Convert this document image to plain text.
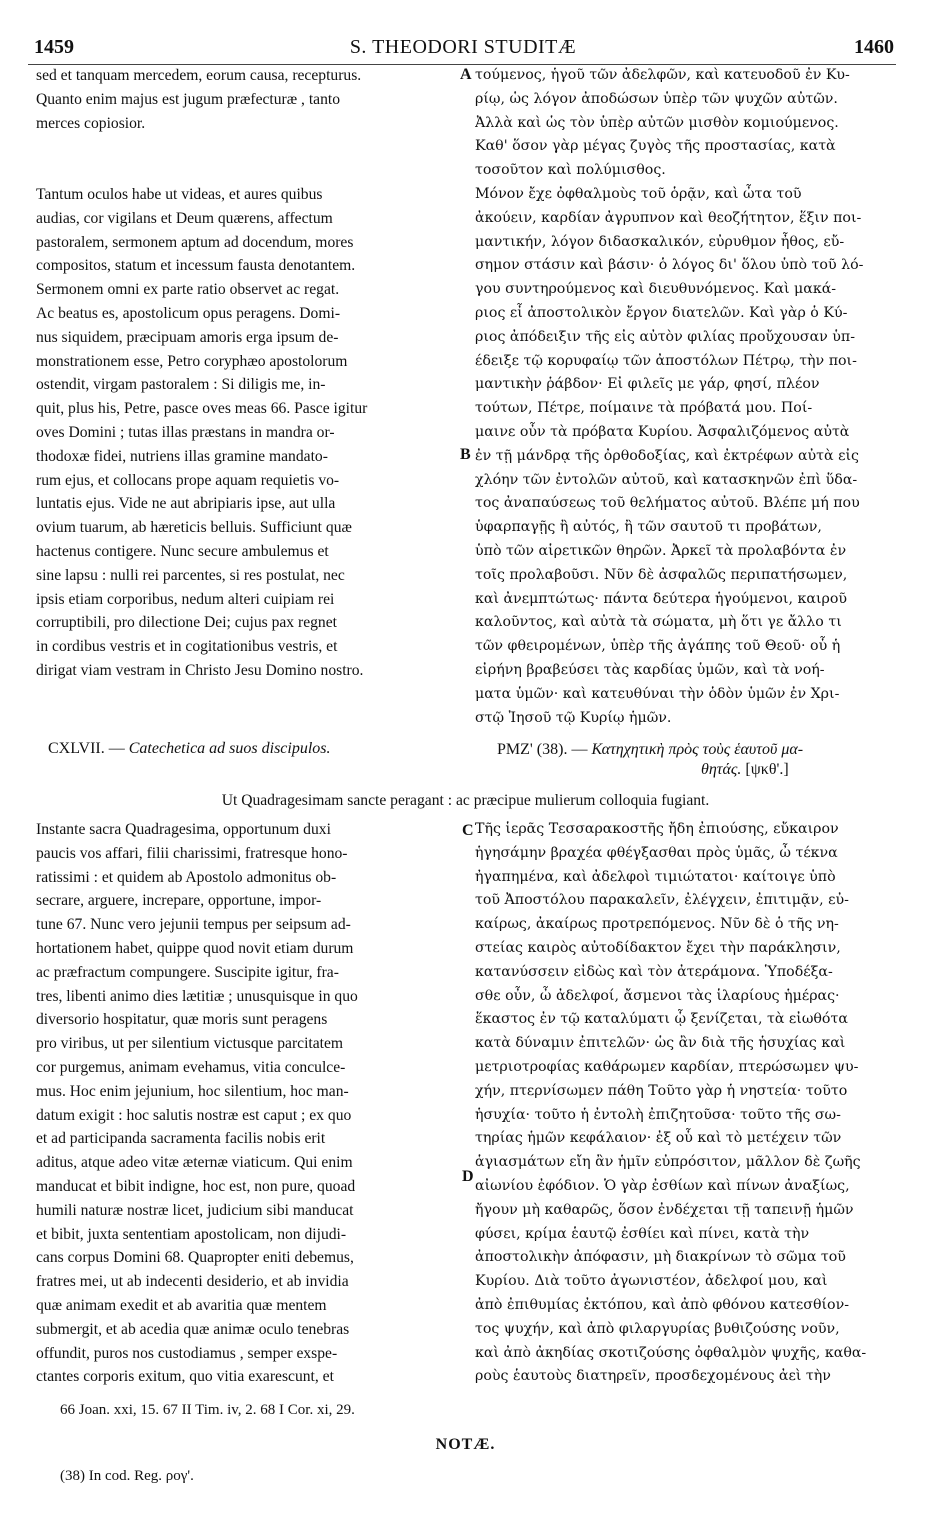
1459	S. THEODORI STUDITÆ	1460
A
B
C
D
sed et tanquam mercedem, eorum causa, recepturus.
Quanto enim majus est jugum præfecturæ , tanto
merces copiosior.

Tantum oculos habe ut videas, et aures quibus
audias, cor vigilans et Deum quærens, affectum
pastoralem, sermonem aptum ad docendum, mores
compositos, statum et incessum fausta denotantem.
Sermonem omni ex parte ratio observet ac regat.
Ac beatus es, apostolicum opus peragens. Domi-
nus siquidem, præcipuam amoris erga ipsum de-
monstrationem esse, Petro coryphæo apostolorum
ostendit, virgam pastoralem : Si diligis me, in-
quit, plus his, Petre, pasce oves meas 66. Pasce igitur
oves Domini ; tutas illas præstans in mandra or-
thodoxæ fidei, nutriens illas gramine mandato-
rum ejus, et collocans prope aquam requietis vo-
luntatis ejus. Vide ne aut abripiaris ipse, aut ulla
ovium tuarum, ab hæreticis belluis. Sufficiunt quæ
hactenus contigere. Nunc secure ambulemus et
sine lapsu : nulli rei parcentes, si res postulat, nec
ipsis etiam corporibus, nedum alteri cuipiam rei
corruptibili, pro dilectione Dei; cujus pax regnet
in cordibus vestris et in cogitationibus vestris, et
dirigat viam vestram in Christo Jesu Domino nostro.
τούμενος, ἡγοῦ τῶν ἀδελφῶν, καὶ κατευοδοῦ ἐν Κυ-
ρίῳ, ὡς λόγον ἀποδώσων ὑπὲρ τῶν ψυχῶν αὐτῶν.
Ἀλλὰ καὶ ὡς τὸν ὑπὲρ αὐτῶν μισθὸν κομιούμενος.
Καθ' ὅσον γὰρ μέγας ζυγὸς τῆς προστασίας, κατὰ
τοσοῦτον καὶ πολύμισθος.
Μόνον ἔχε ὀφθαλμοὺς τοῦ ὁρᾷν, καὶ ὦτα τοῦ
ἀκούειν, καρδίαν ἀγρυπνον καὶ θεοζήτητον, ἕξιν ποι-
μαντικήν, λόγον διδασκαλικόν, εὐρυθμον ἦθος, εὔ-
σημον στάσιν καὶ βάσιν· ὁ λόγος δι' ὅλου ὑπὸ τοῦ λό-
γου συντηρούμενος καὶ διευθυνόμενος. Καὶ μακά-
ριος εἶ ἀποστολικὸν ἔργον διατελῶν. Καὶ γὰρ ὁ Κύ-
ριος ἀπόδειξιν τῆς εἰς αὐτὸν φιλίας προὔχουσαν ὑπ-
έδειξε τῷ κορυφαίῳ τῶν ἀποστόλων Πέτρῳ, τὴν ποι-
μαντικὴν ῥάβδον· Εἰ φιλεῖς με γάρ, φησί, πλέον
τούτων, Πέτρε, ποίμαινε τὰ πρόβατά μου. Ποί-
μαινε οὖν τὰ πρόβατα Κυρίου. Ἀσφαλιζόμενος αὐτὰ
ἐν τῇ μάνδρᾳ τῆς ὀρθοδοξίας, καὶ ἐκτρέφων αὐτὰ εἰς
χλόην τῶν ἐντολῶν αὐτοῦ, καὶ κατασκηνῶν ἐπὶ ὕδα-
τος ἀναπαύσεως τοῦ θελήματος αὐτοῦ. Βλέπε μή που
ὑφαρπαγῇς ἢ αὐτός, ἢ τῶν σαυτοῦ τι προβάτων,
ὑπὸ τῶν αἱρετικῶν θηρῶν. Ἀρκεῖ τὰ προλαβόντα ἐν
τοῖς προλαβοῦσι. Νῦν δὲ ἀσφαλῶς περιπατήσωμεν,
καὶ ἀνεμπτώτως· πάντα δεύτερα ἡγούμενοι, καιροῦ
καλοῦντος, καὶ αὐτὰ τὰ σώματα, μὴ ὅτι γε ἄλλο τι
τῶν φθειρομένων, ὑπὲρ τῆς ἀγάπης τοῦ Θεοῦ· οὗ ἡ
εἰρήνη βραβεύσει τὰς καρδίας ὑμῶν, καὶ τὰ νοή-
ματα ὑμῶν· καὶ κατευθύναι τὴν ὁδὸν ὑμῶν ἐν Χρι-
στῷ Ἰησοῦ τῷ Κυρίῳ ἡμῶν.
CXLVII. — Catechetica ad suos discipulos.	ΡΜΖ' (38). — Κατηχητικὴ πρὸς τοὺς ἑαυτοῦ μα-
θητάς. [ψκθ'.]
Ut Quadragesimam sancte peragant : ac præcipue mulierum colloquia fugiant.
Instante sacra Quadragesima, opportunum duxi
paucis vos affari, filii charissimi, fratresque hono-
ratissimi : et quidem ab Apostolo admonitus ob-
secrare, arguere, increpare, opportune, impor-
tune 67. Nunc vero jejunii tempus per seipsum ad-
hortationem habet, quippe quod novit etiam durum
ac præfractum compungere. Suscipite igitur, fra-
tres, libenti animo dies lætitiæ ; unusquisque in quo
diversorio hospitatur, quæ moris sunt peragens
pro viribus, ut per silentium victusque parcitatem
cor purgemus, animam evehamus, vitia conculce-
mus. Hoc enim jejunium, hoc silentium, hoc man-
datum exigit : hoc salutis nostræ est caput ; ex quo
et ad participanda sacramenta facilis nobis erit
aditus, atque adeo vitæ æternæ viaticum. Qui enim
manducat et bibit indigne, hoc est, non pure, quoad
humili naturæ nostræ licet, judicium sibi manducat
et bibit, juxta sententiam apostolicam, non dijudi-
cans corpus Domini 68. Quapropter eniti debemus,
fratres mei, ut ab indecenti desiderio, et ab invidia
quæ animam exedit et ab avaritia quæ mentem
submergit, et ab acedia quæ animæ oculo tenebras
offundit, puros nos custodiamus , semper exspe-
ctantes corporis exitum, quo vitia exarescunt, et
Τῆς ἱερᾶς Τεσσαρακοστῆς ἤδη ἐπιούσης, εὔκαιρον
ἡγησάμην βραχέα φθέγξασθαι πρὸς ὑμᾶς, ὦ τέκνα
ἠγαπημένα, καὶ ἀδελφοὶ τιμιώτατοι· καίτοιγε ὑπὸ
τοῦ Ἀποστόλου παρακαλεῖν, ἐλέγχειν, ἐπιτιμᾷν, εὐ-
καίρως, ἀκαίρως προτρεπόμενος. Νῦν δὲ ὁ τῆς νη-
στείας καιρὸς αὐτοδίδακτον ἔχει τὴν παράκλησιν,
κατανύσσειν εἰδὼς καὶ τὸν ἀτεράμονα. Ὑποδέξα-
σθε οὖν, ὦ ἀδελφοί, ἄσμενοι τὰς ἱλαρίους ἡμέρας·
ἕκαστος ἐν τῷ καταλύματι ᾧ ξενίζεται, τὰ εἰωθότα
κατὰ δύναμιν ἐπιτελῶν· ὡς ἂν διὰ τῆς ἡσυχίας καὶ
μετριοτροφίας καθάρωμεν καρδίαν, πτερώσωμεν ψυ-
χήν, πτερνίσωμεν πάθη Τοῦτο γὰρ ἡ νηστεία· τοῦτο
ἡσυχία· τοῦτο ἡ ἐντολὴ ἐπιζητοῦσα· τοῦτο τῆς σω-
τηρίας ἡμῶν κεφάλαιον· ἐξ οὗ καὶ τὸ μετέχειν τῶν
ἁγιασμάτων εἴη ἂν ἡμῖν εὐπρόσιτον, μᾶλλον δὲ ζωῆς
αἰωνίου ἐφόδιον. Ὁ γὰρ ἐσθίων καὶ πίνων ἀναξίως,
ἤγουν μὴ καθαρῶς, ὅσον ἐνδέχεται τῇ ταπεινῇ ἡμῶν
φύσει, κρίμα ἑαυτῷ ἐσθίει καὶ πίνει, κατὰ τὴν
ἀποστολικὴν ἀπόφασιν, μὴ διακρίνων τὸ σῶμα τοῦ
Κυρίου. Διὰ τοῦτο ἀγωνιστέον, ἀδελφοί μου, καὶ
ἀπὸ ἐπιθυμίας ἐκτόπου, καὶ ἀπὸ φθόνου κατεσθίον-
τος ψυχήν, καὶ ἀπὸ φιλαργυρίας βυθιζούσης νοῦν,
καὶ ἀπὸ ἀκηδίας σκοτιζούσης ὀφθαλμὸν ψυχῆς, καθα-
ροὺς ἑαυτοὺς διατηρεῖν, προσδεχομένους ἀεὶ τὴν
66 Joan. xxi, 15. 67 II Tim. iv, 2. 68 I Cor. xi, 29.
NOTÆ.
(38) In cod. Reg. ρογ'.
